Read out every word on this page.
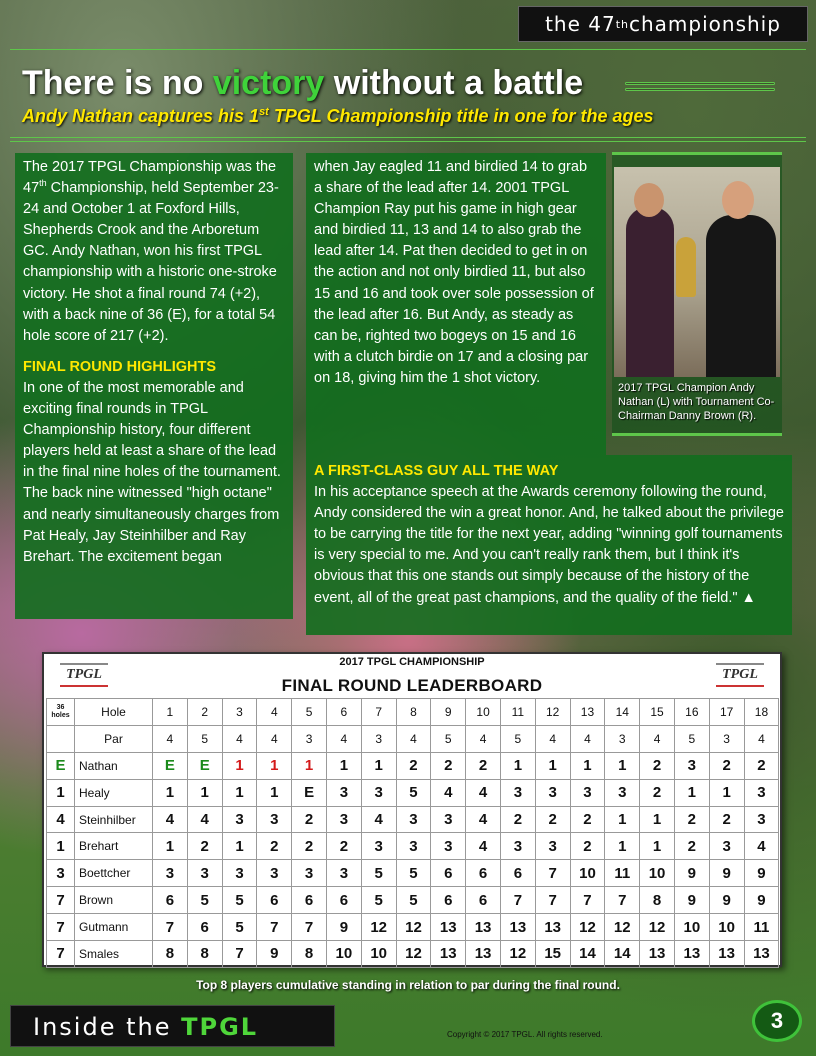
the 47 th championship
There is no victory without a battle
Andy Nathan captures his 1st TPGL Championship title in one for the ages

The 2017 TPGL Championship was the 47th Championship, held September 23-24 and October 1 at Foxford Hills, Shepherds Crook and the Arboretum GC. Andy Nathan, won his first TPGL championship with a historic one-stroke victory. He shot a final round 74 (+2), with a back nine of 36 (E), for a total 54 hole score of 217 (+2).

FINAL ROUND HIGHLIGHTS

In one of the most memorable and exciting final rounds in TPGL Championship history, four different players held at least a share of the lead in the final nine holes of the tournament. The back nine witnessed "high octane" and nearly simultaneously charges from Pat Healy, Jay Steinhilber and Ray Brehart. The excitement began

when Jay eagled 11 and birdied 14 to grab a share of the lead after 14. 2001 TPGL Champion Ray put his game in high gear and birdied 11, 13 and 14 to also grab the lead after 14. Pat then decided to get in on the action and not only birdied 11, but also 15 and 16 and took over sole possession of the lead after 16. But Andy, as steady as can be, righted two bogeys on 15 and 16 with a clutch birdie on 17 and a closing par on 18, giving him the 1 shot victory.

A FIRST-CLASS GUY ALL THE WAY

In his acceptance speech at the Awards ceremony following the round, Andy considered the win a great honor. And, he talked about the privilege to be carrying the title for the next year, adding "winning golf tournaments is very special to me. And you can't really rank them, but I think it's obvious that this one stands out simply because of the history of the event, all of the great past champions, and the quality of the field." ▲

2017 TPGL Champion Andy Nathan (L) with Tournament Co-Chairman Danny Brown (R).
TPGL	TPGL
2017 TPGL CHAMPIONSHIP
FINAL ROUND LEADERBOARD
36 holes	Hole	1	2	3	4	5	6	7	8	9	10	11	12	13	14	15	16	17	18
	Par	4	5	4	4	3	4	3	4	5	4	5	4	4	3	4	5	3	4
E	Nathan	E	E	1	1	1	1	1	2	2	2	1	1	1	1	2	3	2	2
1	Healy	1	1	1	1	E	3	3	5	4	4	3	3	3	3	2	1	1	3
4	Steinhilber	4	4	3	3	2	3	4	3	3	4	2	2	2	1	1	2	2	3
1	Brehart	1	2	1	2	2	2	3	3	3	4	3	3	2	1	1	2	3	4
3	Boettcher	3	3	3	3	3	3	5	5	6	6	6	7	10	11	10	9	9	9
7	Brown	6	5	5	6	6	6	5	5	6	6	7	7	7	7	8	9	9	9
7	Gutmann	7	6	5	7	7	9	12	12	13	13	13	13	12	12	12	10	10	11
7	Smales	8	8	7	9	8	10	10	12	13	13	12	15	14	14	13	13	13	13
Top 8 players cumulative standing in relation to par during the final round.
Inside the TPGL	Copyright © 2017 TPGL. All rights reserved.
3
